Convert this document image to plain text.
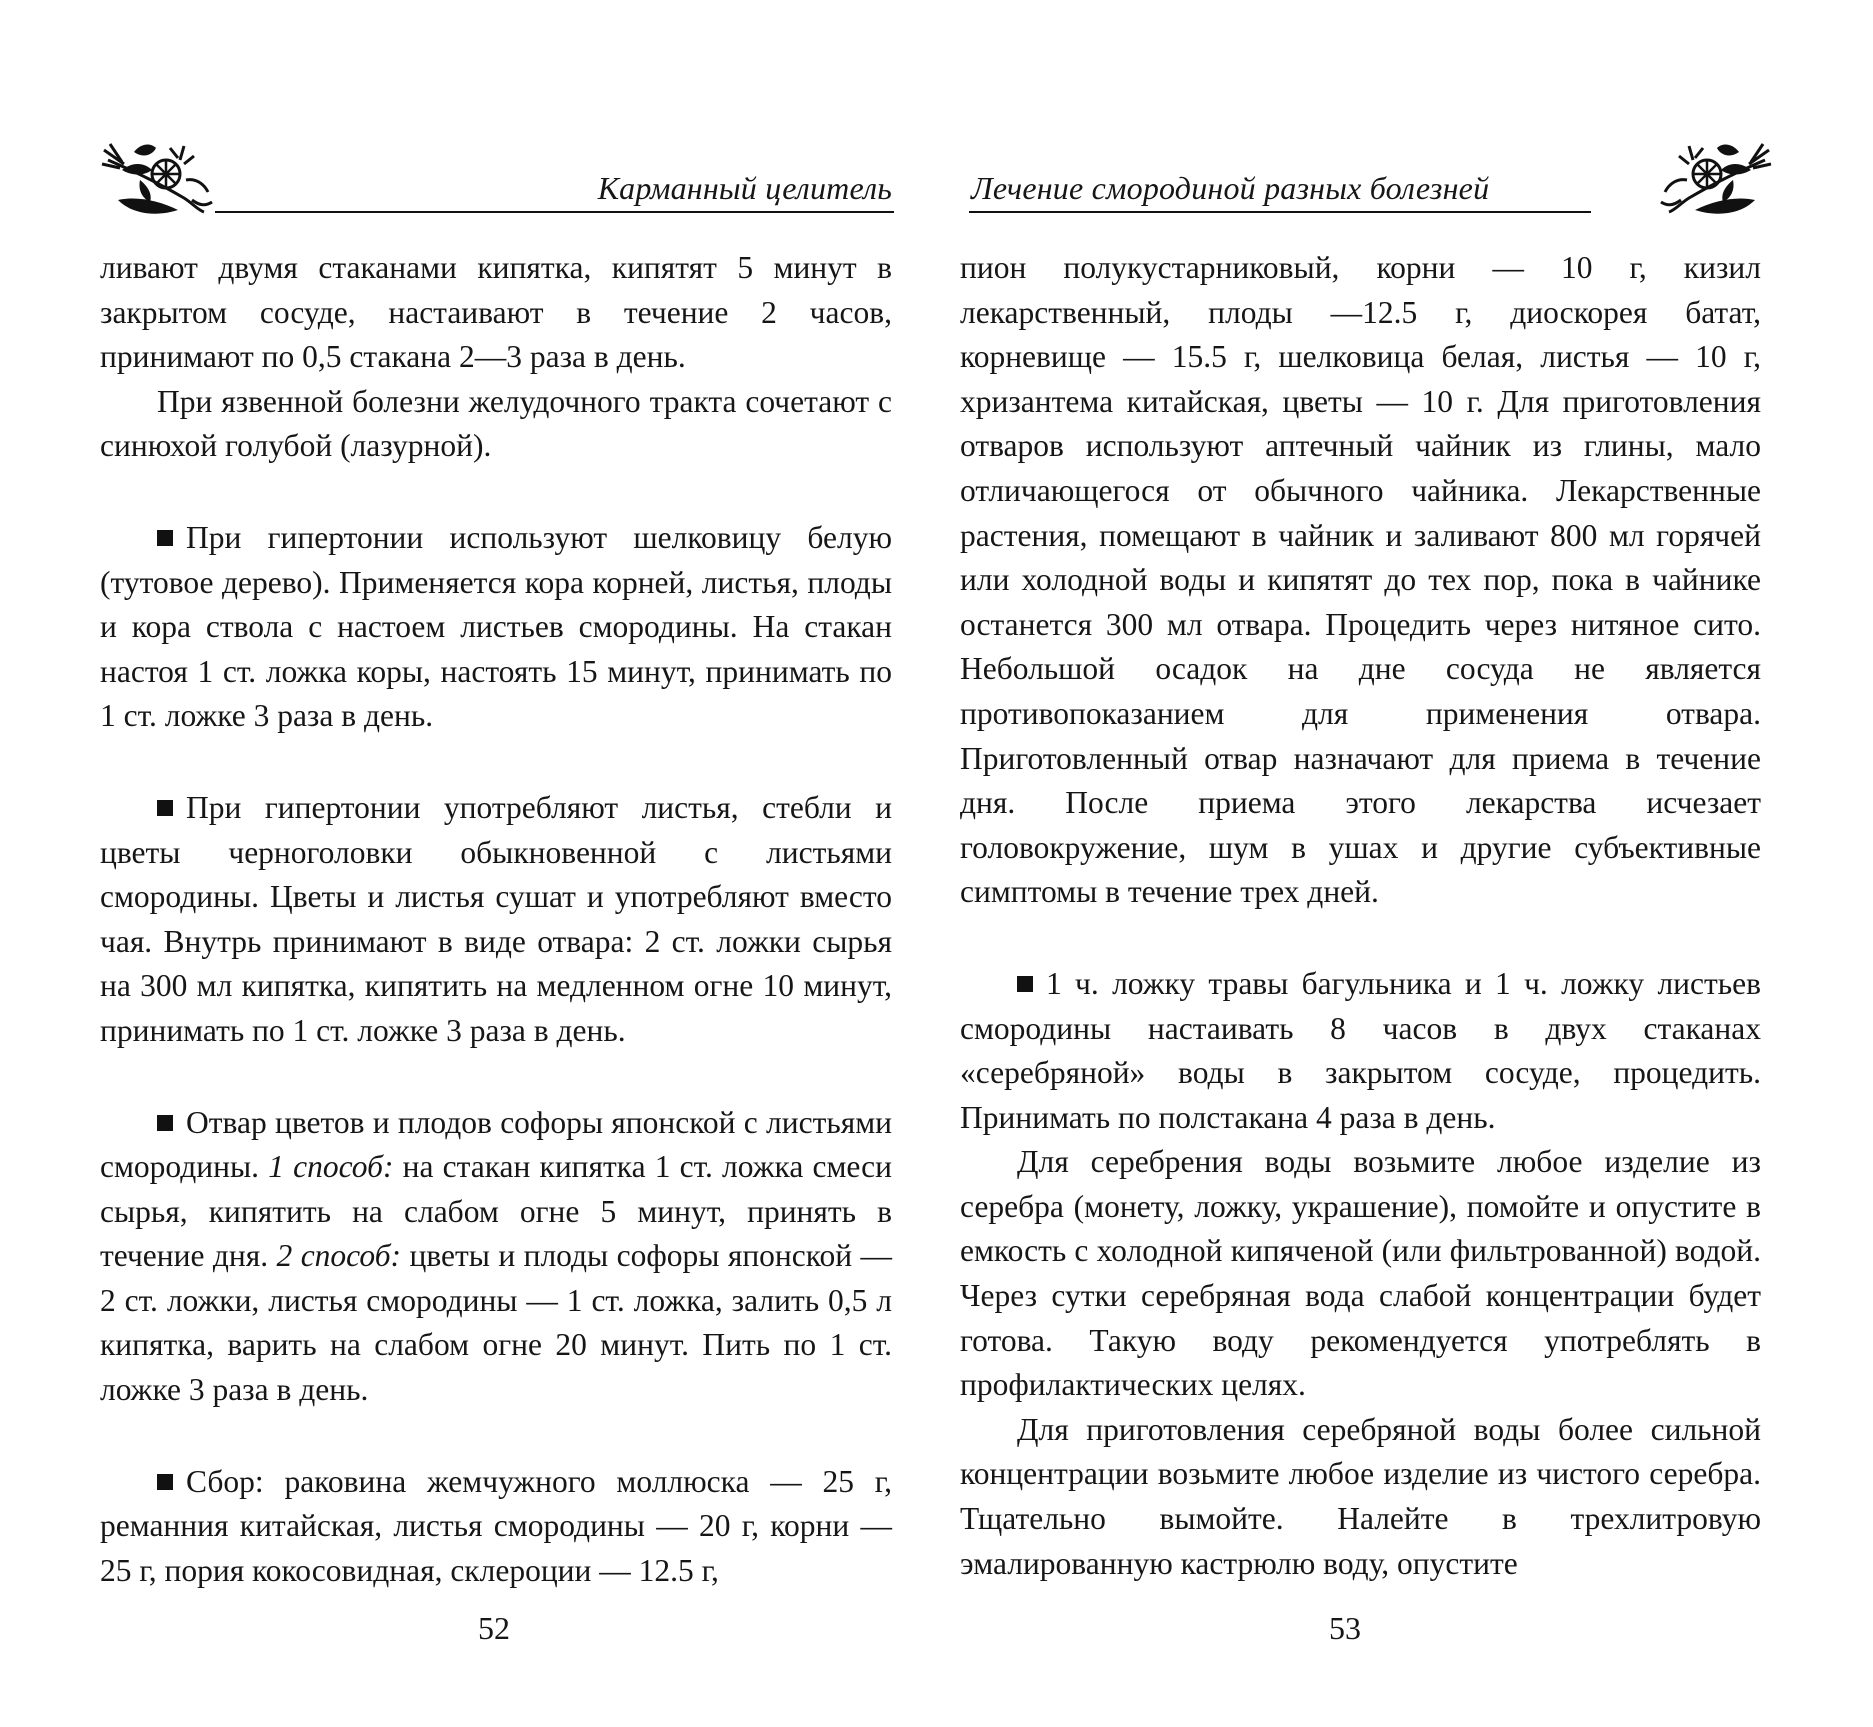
Карманный целитель

ливают двумя стаканами кипятка, кипятят 5 минут в закрытом сосуде, настаивают в течение 2 часов, принимают по 0,5 стакана 2—3 раза в день.

При язвенной болезни желудочного тракта сочетают с синюхой голубой (лазурной).

При гипертонии используют шелковицу белую (тутовое дерево). Применяется кора корней, листья, плоды и кора ствола с настоем листьев смородины. На стакан настоя 1 ст. ложка коры, настоять 15 минут, принимать по 1 ст. ложке 3 раза в день.

При гипертонии употребляют листья, стебли и цветы черноголовки обыкновенной с листьями смородины. Цветы и листья сушат и употребляют вместо чая. Внутрь принимают в виде отвара: 2 ст. ложки сырья на 300 мл кипятка, кипятить на медленном огне 10 минут, принимать по 1 ст. ложке 3 раза в день.

Отвар цветов и плодов софоры японской с листьями смородины. 1 способ: на стакан кипятка 1 ст. ложка смеси сырья, кипятить на слабом огне 5 минут, принять в течение дня. 2 способ: цветы и плоды софоры японской — 2 ст. ложки, листья смородины — 1 ст. ложка, залить 0,5 л кипятка, варить на слабом огне 20 минут. Пить по 1 ст. ложке 3 раза в день.

Сбор: раковина жемчужного моллюска — 25 г, реманния китайская, листья смородины — 20 г, корни — 25 г, пория кокосовидная, склероции — 12.5 г,

52
Лечение смородиной разных болезней

пион полукустарниковый, корни — 10 г, кизил лекарственный, плоды —12.5 г, диоскорея батат, корневище — 15.5 г, шелковица белая, листья — 10 г, хризантема китайская, цветы — 10 г. Для приготовления отваров используют аптечный чайник из глины, мало отличающегося от обычного чайника. Лекарственные растения, помещают в чайник и заливают 800 мл горячей или холодной воды и кипятят до тех пор, пока в чайнике останется 300 мл отвара. Процедить через нитяное сито. Небольшой осадок на дне сосуда не является противопоказанием для применения отвара. Приготовленный отвар назначают для приема в течение дня. После приема этого лекарства исчезает головокружение, шум в ушах и другие субъективные симптомы в течение трех дней.

1 ч. ложку травы багульника и 1 ч. ложку листьев смородины настаивать 8 часов в двух стаканах «серебряной» воды в закрытом сосуде, процедить. Принимать по полстакана 4 раза в день.

Для серебрения воды возьмите любое изделие из серебра (монету, ложку, украшение), помойте и опустите в емкость с холодной кипяченой (или фильтрованной) водой. Через сутки серебряная вода слабой концентрации будет готова. Такую воду рекомендуется употреблять в профилактических целях.

Для приготовления серебряной воды более сильной концентрации возьмите любое изделие из чистого серебра. Тщательно вымойте. Налейте в трехлитровую эмалированную кастрюлю воду, опустите

53
